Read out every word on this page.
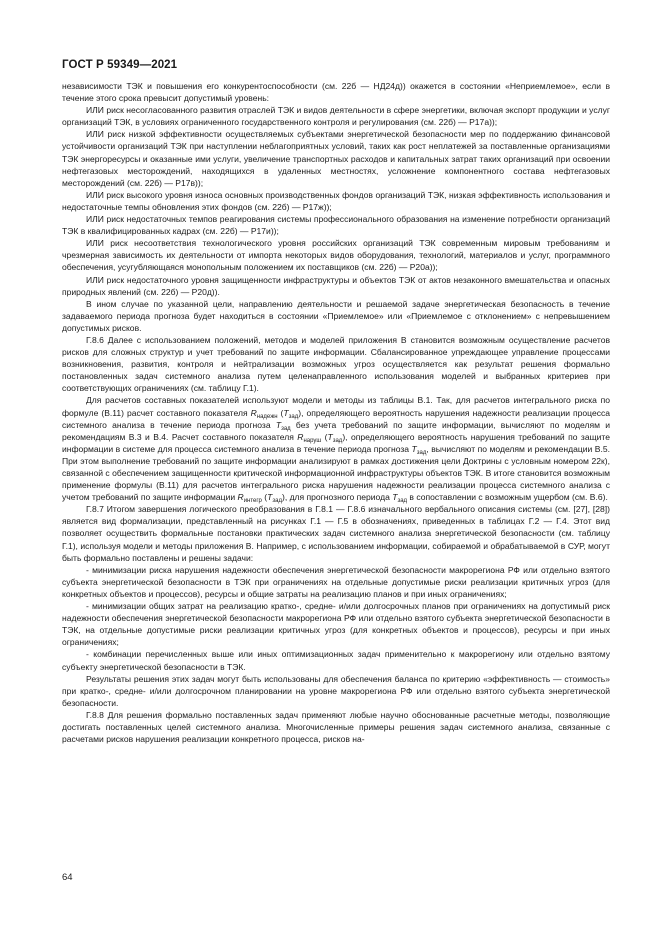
ГОСТ Р 59349—2021

независимости ТЭК и повышения его конкурентоспособности (см. 22б — НД24д)) окажется в состоянии «Неприемлемое», если в течение этого срока превысит допустимый уровень:

ИЛИ риск несогласованного развития отраслей ТЭК и видов деятельности в сфере энергетики, включая экспорт продукции и услуг организаций ТЭК, в условиях ограниченного государственного контроля и регулирования (см. 22б) — Р17а));

ИЛИ риск низкой эффективности осуществляемых субъектами энергетической безопасности мер по поддержанию финансовой устойчивости организаций ТЭК при наступлении неблагоприятных условий, таких как рост неплатежей за поставленные организациями ТЭК энергоресурсы и оказанные ими услуги, увеличение транспортных расходов и капитальных затрат таких организаций при освоении нефтегазовых месторождений, находящихся в удаленных местностях, усложнение компонентного состава нефтегазовых месторождений (см. 22б) — Р17в));

ИЛИ риск высокого уровня износа основных производственных фондов организаций ТЭК, низкая эффективность использования и недостаточные темпы обновления этих фондов (см. 22б) — Р17ж));

ИЛИ риск недостаточных темпов реагирования системы профессионального образования на изменение потребности организаций ТЭК в квалифицированных кадрах (см. 22б) — Р17и));

ИЛИ риск несоответствия технологического уровня российских организаций ТЭК современным мировым требованиям и чрезмерная зависимость их деятельности от импорта некоторых видов оборудования, технологий, материалов и услуг, программного обеспечения, усугубляющаяся монопольным положением их поставщиков (см. 22б) — Р20а));

ИЛИ риск недостаточного уровня защищенности инфраструктуры и объектов ТЭК от актов незаконного вмешательства и опасных природных явлений (см. 22б) — Р20д)).

В ином случае по указанной цели, направлению деятельности и решаемой задаче энергетическая безопасность в течение задаваемого периода прогноза будет находиться в состоянии «Приемлемое» или «Приемлемое с отклонением» с непревышением допустимых рисков.

Г.8.6 Далее с использованием положений, методов и моделей приложения В становится возможным осуществление расчетов рисков для сложных структур и учет требований по защите информации. Сбалансированное упреждающее управление процессами возникновения, развития, контроля и нейтрализации возможных угроз осуществляется как результат решения формально постановленных задач системного анализа путем целенаправленного использования моделей и выбранных критериев при соответствующих ограничениях (см. таблицу Г.1).

Для расчетов составных показателей используют модели и методы из таблицы В.1. Так, для расчетов интегрального риска по формуле (В.11) расчет составного показателя $R_{надежн}$ $(T_{зад})$, определяющего вероятность нарушения надежности реализации процесса системного анализа в течение периода прогноза $T_{зад}$ без учета требований по защите информации, вычисляют по моделям и рекомендациям В.3 и В.4. Расчет составного показателя $R_{наруш}$ $(T_{зад})$, определяющего вероятность нарушения требований по защите информации в системе для процесса системного анализа в течение периода прогноза $T_{зад}$, вычисляют по моделям и рекомендации В.5. При этом выполнение требований по защите информации анализируют в рамках достижения цели Доктрины с условным номером 22к), связанной с обеспечением защищенности критической информационной инфраструктуры объектов ТЭК. В итоге становится возможным применение формулы (В.11) для расчетов интегрального риска нарушения надежности реализации процесса системного анализа с учетом требований по защите информации $R_{интегр}$ $(T_{зад})$, для прогнозного периода $T_{зад}$ в сопоставлении с возможным ущербом (см. В.6).

Г.8.7 Итогом завершения логического преобразования в Г.8.1 — Г.8.6 изначального вербального описания системы (см. [27], [28]) является вид формализации, представленный на рисунках Г.1 — Г.5 в обозначениях, приведенных в таблицах Г.2 — Г.4. Этот вид позволяет осуществить формальные постановки практических задач системного анализа энергетической безопасности (см. таблицу Г.1), используя модели и методы приложения В. Например, с использованием информации, собираемой и обрабатываемой в СУР, могут быть формально поставлены и решены задачи:

- минимизации риска нарушения надежности обеспечения энергетической безопасности макрорегиона РФ или отдельно взятого субъекта энергетической безопасности в ТЭК при ограничениях на отдельные допустимые риски реализации критичных угроз (для конкретных объектов и процессов), ресурсы и общие затраты на реализацию планов и при иных ограничениях;

- минимизации общих затрат на реализацию кратко-, средне- и/или долгосрочных планов при ограничениях на допустимый риск надежности обеспечения энергетической безопасности макрорегиона РФ или отдельно взятого субъекта энергетической безопасности в ТЭК, на отдельные допустимые риски реализации критичных угроз (для конкретных объектов и процессов), ресурсы и при иных ограничениях;

- комбинации перечисленных выше или иных оптимизационных задач применительно к макрорегиону или отдельно взятому субъекту энергетической безопасности в ТЭК.

Результаты решения этих задач могут быть использованы для обеспечения баланса по критерию «эффективность — стоимость» при кратко-, средне- и/или долгосрочном планировании на уровне макрорегиона РФ или отдельно взятого субъекта энергетической безопасности.

Г.8.8 Для решения формально поставленных задач применяют любые научно обоснованные расчетные методы, позволяющие достигать поставленных целей системного анализа. Многочисленные примеры решения задач системного анализа, связанные с расчетами рисков нарушения реализации конкретного процесса, рисков на-

64
